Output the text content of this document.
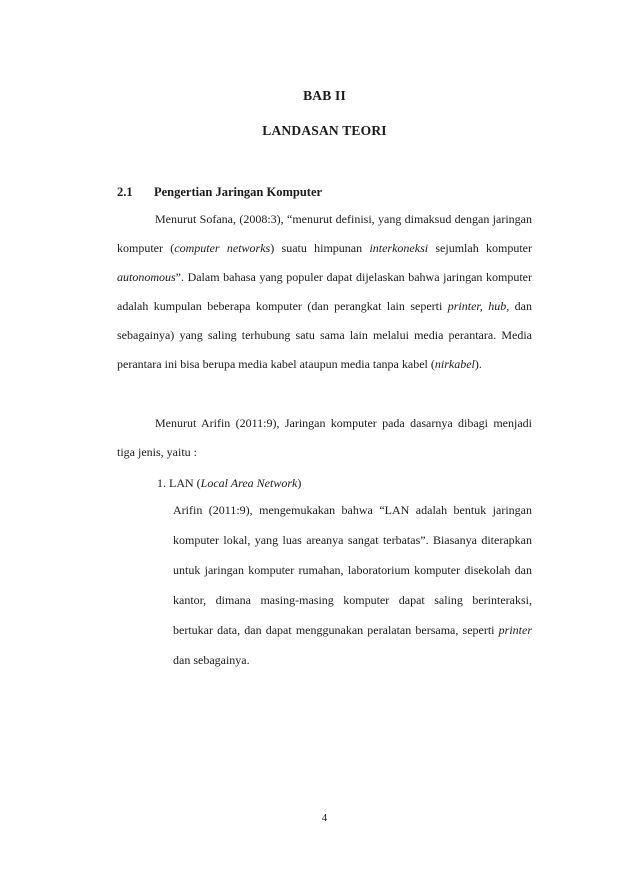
BAB II
LANDASAN TEORI
2.1 Pengertian Jaringan Komputer

Menurut Sofana, (2008:3), “menurut definisi, yang dimaksud dengan jaringan komputer (computer networks) suatu himpunan interkoneksi sejumlah komputer autonomous”. Dalam bahasa yang populer dapat dijelaskan bahwa jaringan komputer adalah kumpulan beberapa komputer (dan perangkat lain seperti printer, hub, dan sebagainya) yang saling terhubung satu sama lain melalui media perantara. Media perantara ini bisa berupa media kabel ataupun media tanpa kabel (nirkabel).

Menurut Arifin (2011:9), Jaringan komputer pada dasarnya dibagi menjadi tiga jenis, yaitu :

1. LAN (Local Area Network)

Arifin (2011:9), mengemukakan bahwa “LAN adalah bentuk jaringan komputer lokal, yang luas areanya sangat terbatas”. Biasanya diterapkan untuk jaringan komputer rumahan, laboratorium komputer disekolah dan kantor, dimana masing-masing komputer dapat saling berinteraksi, bertukar data, dan dapat menggunakan peralatan bersama, seperti printer dan sebagainya.

4
